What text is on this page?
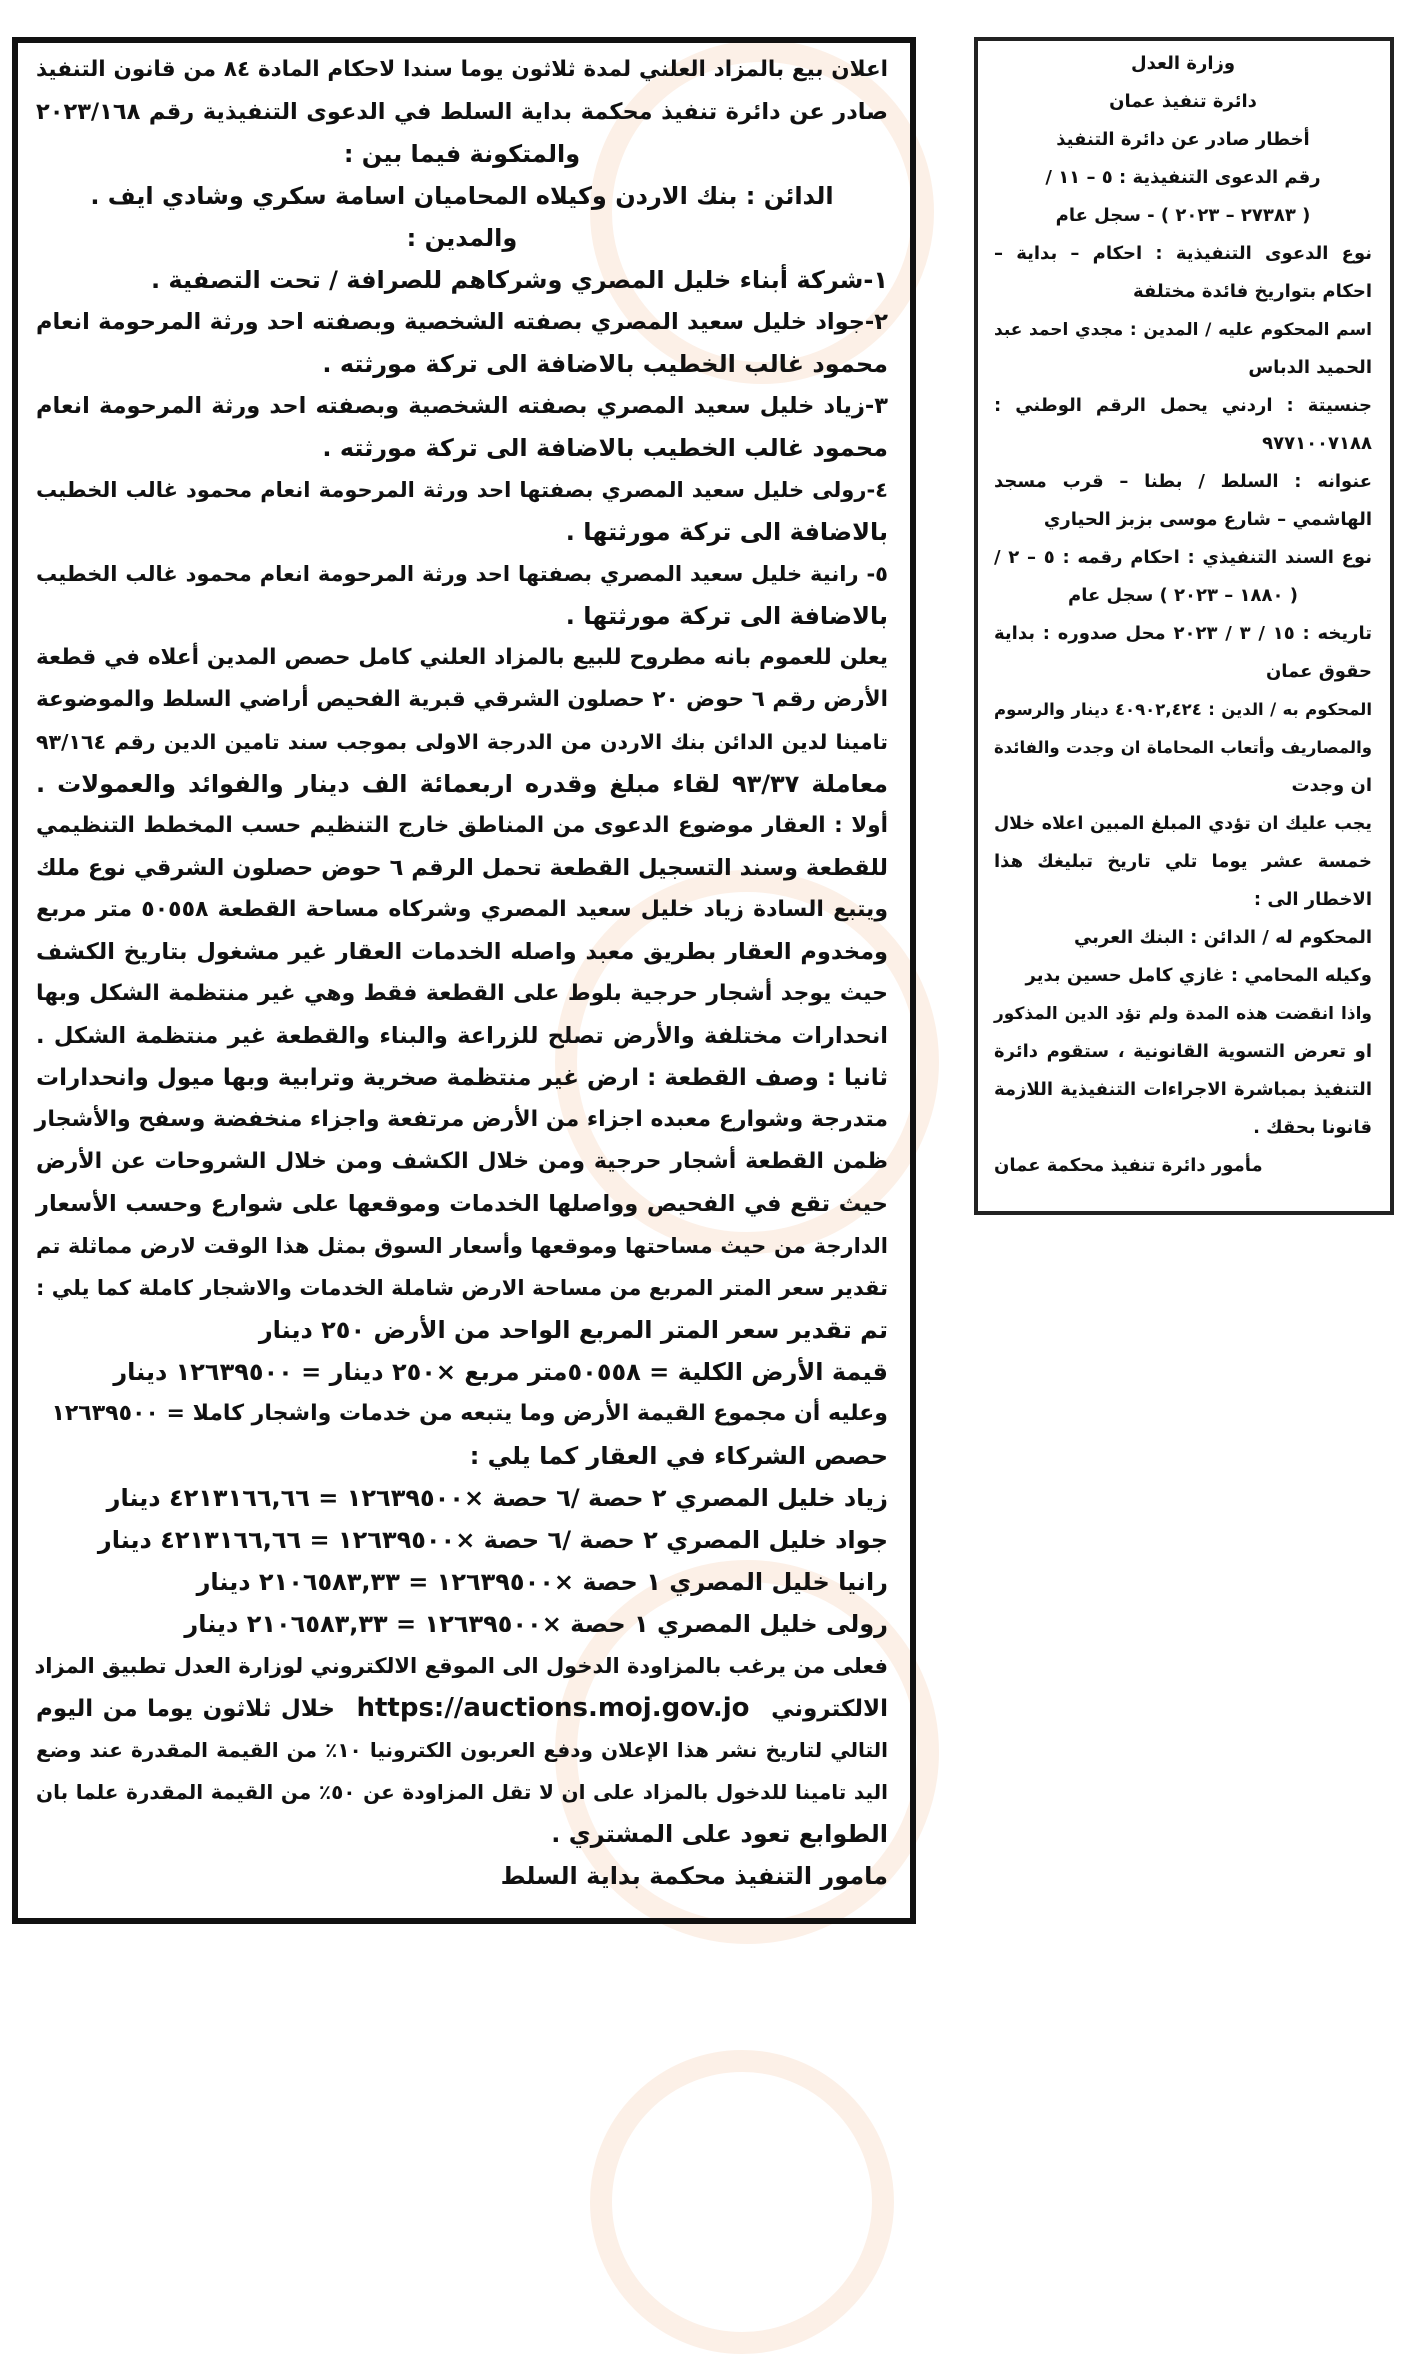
اعلان بيع بالمزاد العلني لمدة ثلاثون يوما سندا لاحكام المادة ٨٤ من قانون التنفيذ
صادر عن دائرة تنفيذ محكمة بداية السلط في الدعوى التنفيذية رقم ٢٠٢٣/١٦٨
والمتكونة فيما بين :
الدائن : بنك الاردن وكيلاه المحاميان اسامة سكري وشادي ايف .
والمدين :
١-شركة أبناء خليل المصري وشركاهم للصرافة / تحت التصفية .
٢-جواد خليل سعيد المصري بصفته الشخصية وبصفته احد ورثة المرحومة انعام
محمود غالب الخطيب بالاضافة الى تركة مورثته .
٣-زياد خليل سعيد المصري بصفته الشخصية وبصفته احد ورثة المرحومة انعام
محمود غالب الخطيب بالاضافة الى تركة مورثته .
٤-رولى خليل سعيد المصري بصفتها احد ورثة المرحومة انعام محمود غالب الخطيب
بالاضافة الى تركة مورثتها .
٥- رانية خليل سعيد المصري بصفتها احد ورثة المرحومة انعام محمود غالب الخطيب
بالاضافة الى تركة مورثتها .
يعلن للعموم بانه مطروح للبيع بالمزاد العلني كامل حصص المدين أعلاه في قطعة
الأرض رقم ٦ حوض ٢٠ حصلون الشرقي قبرية الفحيص أراضي السلط والموضوعة
تامينا لدين الدائن بنك الاردن من الدرجة الاولى بموجب سند تامين الدين رقم ٩٣/١٦٤
معاملة ٩٣/٣٧ لقاء مبلغ وقدره اربعمائة الف دينار والفوائد والعمولات .
أولا : العقار موضوع الدعوى من المناطق خارج التنظيم حسب المخطط التنظيمي
للقطعة وسند التسجيل القطعة تحمل الرقم ٦ حوض حصلون الشرقي نوع ملك
ويتبع السادة زياد خليل سعيد المصري وشركاه مساحة القطعة ٥٠٥٥٨ متر مربع
ومخدوم العقار بطريق معبد واصله الخدمات العقار غير مشغول بتاريخ الكشف
حيث يوجد أشجار حرجية بلوط على القطعة فقط وهي غير منتظمة الشكل وبها
انحدارات مختلفة والأرض تصلح للزراعة والبناء والقطعة غير منتظمة الشكل .
ثانيا : وصف القطعة : ارض غير منتظمة صخرية وترابية وبها ميول وانحدارات
متدرجة وشوارع معبده اجزاء من الأرض مرتفعة واجزاء منخفضة وسفح والأشجار
ظمن القطعة أشجار حرجية ومن خلال الكشف ومن خلال الشروحات عن الأرض
حيث تقع في الفحيص وواصلها الخدمات وموقعها على شوارع وحسب الأسعار
الدارجة من حيث مساحتها وموقعها وأسعار السوق بمثل هذا الوقت لارض مماثلة تم
تقدير سعر المتر المربع من مساحة الارض شاملة الخدمات والاشجار كاملة كما يلي :
تم تقدير سعر المتر المربع الواحد من الأرض ٢٥٠ دينار
قيمة الأرض الكلية = ٥٠٥٥٨متر مربع ×٢٥٠ دينار = ١٢٦٣٩٥٠٠ دينار
وعليه أن مجموع القيمة الأرض وما يتبعه من خدمات واشجار كاملا = ١٢٦٣٩٥٠٠
حصص الشركاء في العقار كما يلي :
زياد خليل المصري ٢ حصة /٦ حصة ×١٢٦٣٩٥٠٠ = ٤٢١٣١٦٦,٦٦ دينار
جواد خليل المصري ٢ حصة /٦ حصة ×١٢٦٣٩٥٠٠ = ٤٢١٣١٦٦,٦٦ دينار
رانيا خليل المصري ١ حصة ×١٢٦٣٩٥٠٠ = ٢١٠٦٥٨٣,٣٣ دينار
رولى خليل المصري ١ حصة ×١٢٦٣٩٥٠٠ = ٢١٠٦٥٨٣,٣٣ دينار
فعلى من يرغب بالمزاودة الدخول الى الموقع الالكتروني لوزارة العدل تطبيق المزاد
الالكتروني https://auctions.moj.gov.jo خلال ثلاثون يوما من اليوم
التالي لتاريخ نشر هذا الإعلان ودفع العربون الكترونيا ١٠٪ من القيمة المقدرة عند وضع
اليد تامينا للدخول بالمزاد على ان لا تقل المزاودة عن ٥٠٪ من القيمة المقدرة علما بان
الطوابع تعود على المشتري .
مامور التنفيذ محكمة بداية السلط
وزارة العدل
دائرة تنفيذ عمان
أخطار صادر عن دائرة التنفيذ
رقم الدعوى التنفيذية : ٥ – ١١ /
( ٢٧٣٨٣ – ٢٠٢٣ ) - سجل عام
نوع الدعوى التنفيذية : احكام – بداية –
احكام بتواريخ فائدة مختلفة
اسم المحكوم عليه / المدين : مجدي احمد عبد
الحميد الدباس
جنسيتة : اردني يحمل الرقم الوطني :
٩٧٧١٠٠٧١٨٨
عنوانه : السلط / بطنا – قرب مسجد
الهاشمي – شارع موسى بزبز الحياري
نوع السند التنفيذي : احكام رقمه : ٥ – ٢ /
( ١٨٨٠ – ٢٠٢٣ ) سجل عام
تاريخه : ١٥ / ٣ / ٢٠٢٣ محل صدوره : بداية
حقوق عمان
المحكوم به / الدين : ٤٠٩٠٢,٤٢٤ دينار والرسوم
والمصاريف وأتعاب المحاماة ان وجدت والفائدة
ان وجدت
يجب عليك ان تؤدي المبلغ المبين اعلاه خلال
خمسة عشر يوما تلي تاريخ تبليغك هذا
الاخطار الى :
المحكوم له / الدائن : البنك العربي
وكيله المحامي : غازي كامل حسين بدير
واذا انقضت هذه المدة ولم تؤد الدين المذكور
او تعرض التسوية القانونية ، ستقوم دائرة
التنفيذ بمباشرة الاجراءات التنفيذية اللازمة
قانونا بحقك .
مأمور دائرة تنفيذ محكمة عمان
